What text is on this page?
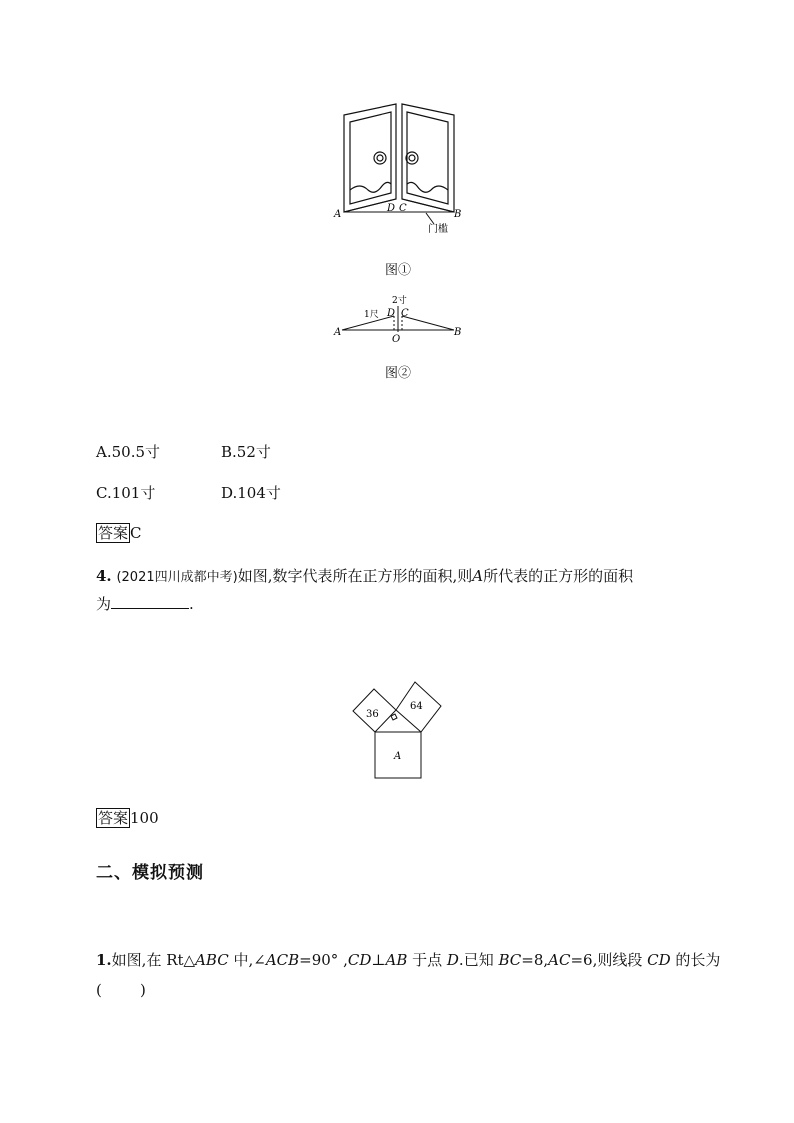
A
D C
B
门槛
图①
2寸
1尺 D C
A	B
O
图②
A.50.5寸	B.52寸
C.101寸	D.104寸
答案 C
4. (2021四川成都中考)如图,数字代表所在正方形的面积,则A所代表的正方形的面积
为	.
36
64
A
答案 100
二、模拟预测
1.如图,在 Rt△ABC 中,∠ACB=90° ,CD⊥AB 于点 D.已知 BC=8,AC=6,则线段 CD 的长为
(        )
